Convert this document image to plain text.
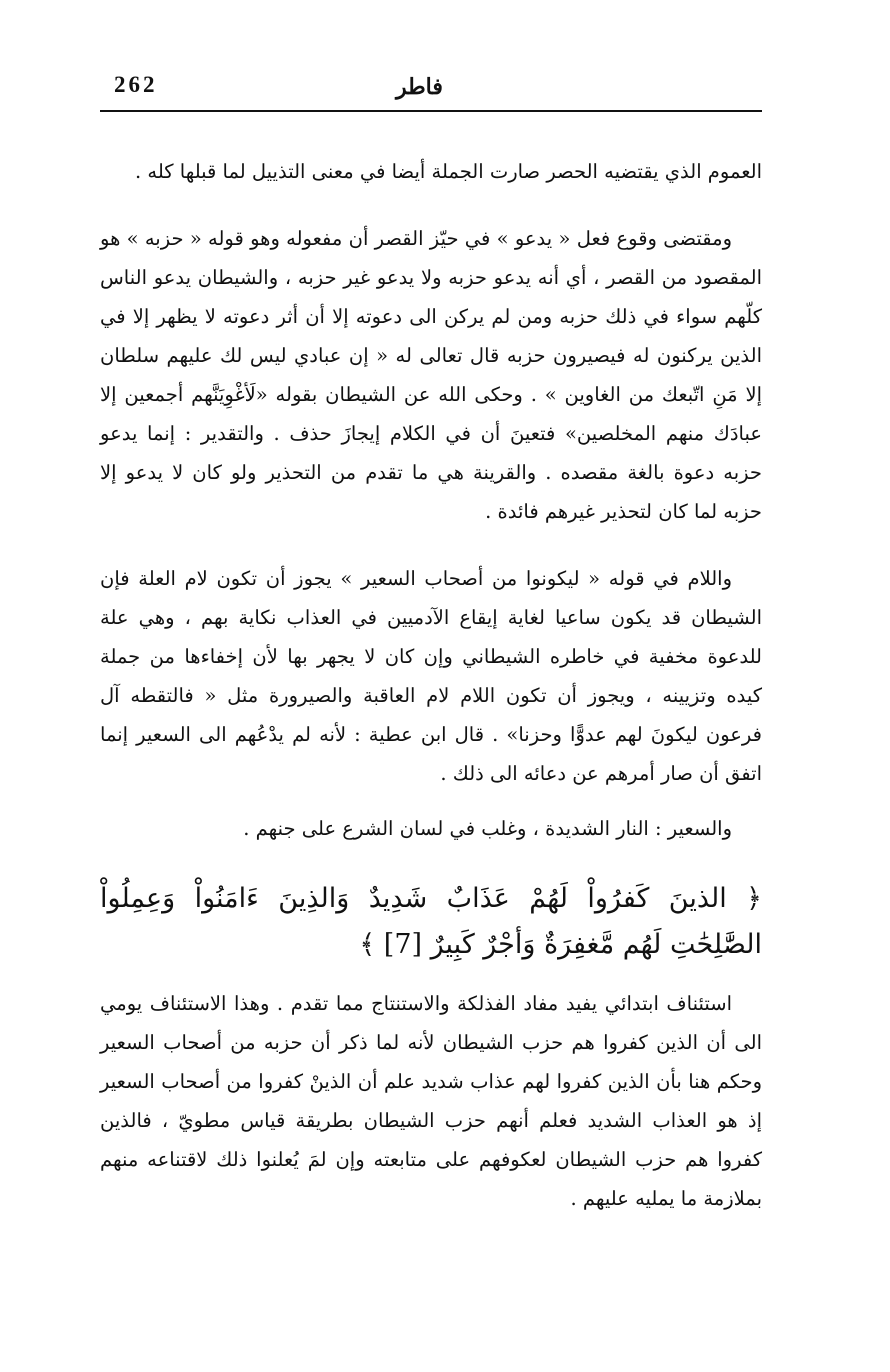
262	فاطر

العموم الذي يقتضيه الحصر صارت الجملة أيضا في معنى التذييل لما قبلها كله .

ومقتضى وقوع فعل « يدعو » في حيّز القصر أن مفعوله وهو قوله « حزبه » هو المقصود من القصر ، أي أنه يدعو حزبه ولا يدعو غير حزبه ، والشيطان يدعو الناس كلّهم سواء في ذلك حزبه ومن لم يركن الى دعوته إلا أن أثر دعوته لا يظهر إلا في الذين يركنون له فيصيرون حزبه قال تعالى له « إن عبادي ليس لك عليهم سلطان إلا مَنِ اتّبعك من الغاوين » . وحكى الله عن الشيطان بقوله «لَأغْوِيَنَّهم أجمعين إلا عبادَك منهم المخلصين» فتعينَ أن في الكلام إيجازَ حذف . والتقدير : إنما يدعو حزبه دعوة بالغة مقصده . والقرينة هي ما تقدم من التحذير ولو كان لا يدعو إلا حزبه لما كان لتحذير غيرهم فائدة .

واللام في قوله « ليكونوا من أصحاب السعير » يجوز أن تكون لام العلة فإن الشيطان قد يكون ساعيا لغاية إيقاع الآدميين في العذاب نكاية بهم ، وهي علة للدعوة مخفية في خاطره الشيطاني وإن كان لا يجهر بها لأن إخفاءها من جملة كيده وتزيينه ، ويجوز أن تكون اللام لام العاقبة والصيرورة مثل « فالتقطه آل فرعون ليكونَ لهم عدوًّا وحزنا» . قال ابن عطية : لأنه لم يدْعُهم الى السعير إنما اتفق أن صار أمرهم عن دعائه الى ذلك .

والسعير : النار الشديدة ، وغلب في لسان الشرع على جنهم .

﴿ الذينَ كَفرُواْ لَهُمْ عَذَابٌ شَدِيدٌ وَالذِينَ ءَامَنُواْ وَعِمِلُواْ الصَّٰلِحَٰتِ لَهُم مَّغفِرَةٌ وَأجْرٌ كَبِيرٌ [7] ﴾

استئناف ابتدائي يفيد مفاد الفذلكة والاستنتاج مما تقدم . وهذا الاستئناف يومي الى أن الذين كفروا هم حزب الشيطان لأنه لما ذكر أن حزبه من أصحاب السعير وحكم هنا بأن الذين كفروا لهم عذاب شديد علم أن الذينْ كفروا من أصحاب السعير إذ هو العذاب الشديد فعلم أنهم حزب الشيطان بطريقة قياس مطويّ ، فالذين كفروا هم حزب الشيطان لعكوفهم على متابعته وإن لمَ يُعلنوا ذلك لاقتناعه منهم بملازمة ما يمليه عليهم .
